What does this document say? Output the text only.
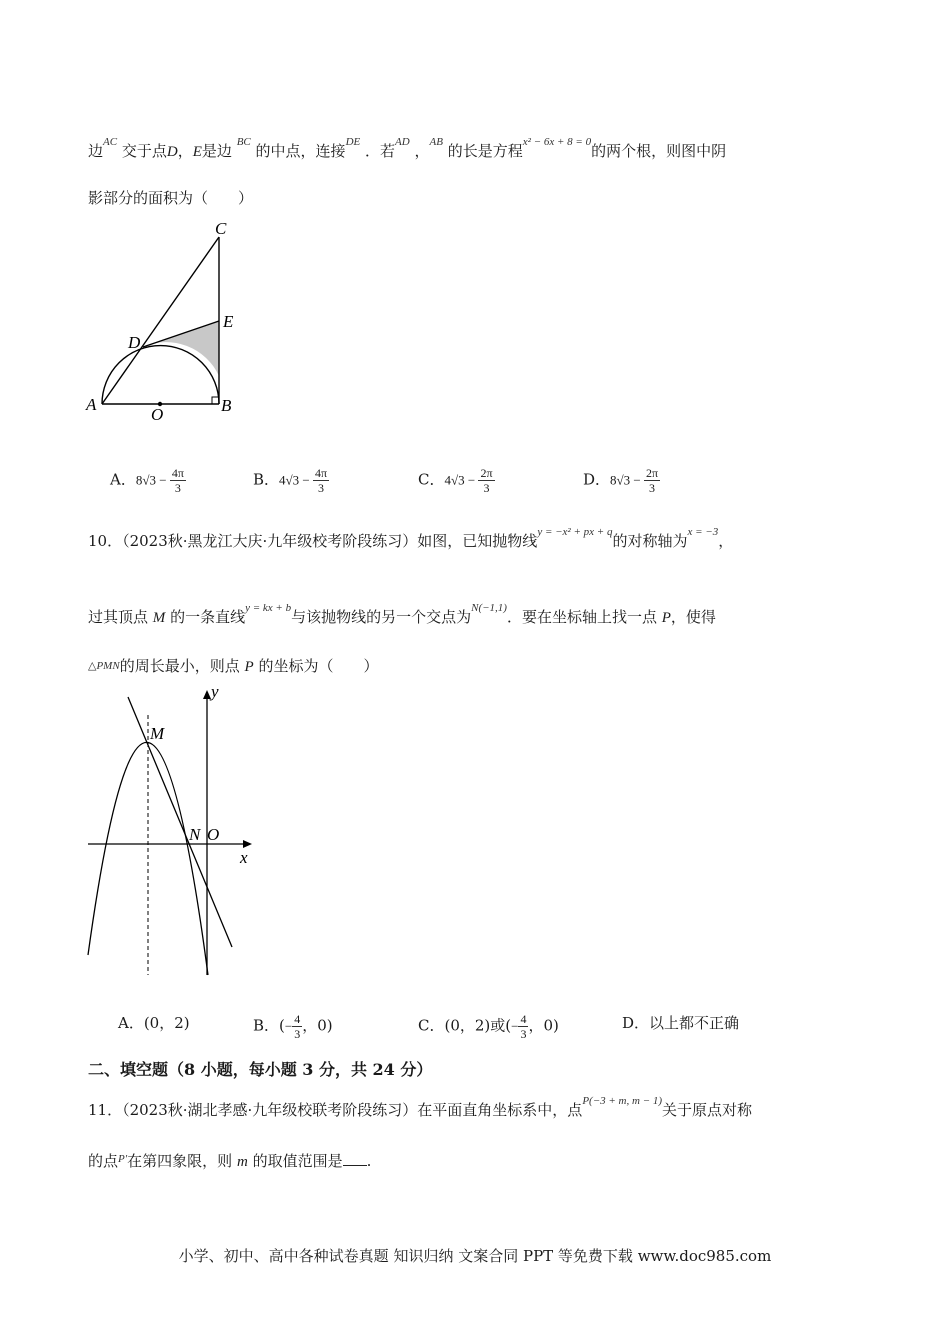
边$^{AC}$ 交于点D，E是边 $^{BC}$ 的中点，连接$^{DE}$ ．若$^{AD}$ ，$^{AB}$ 的长是方程$^{x^2 - 6x + 8 = 0}$的两个根，则图中阴
影部分的面积为（　　）
C
E
D
A	B
O
A．$8√3 - \frac{4\pi}{3}$	B．$4√3 - \frac{4\pi}{3}$	C．$4√3 - \frac{2\pi}{3}$	D．$8√3 - \frac{2\pi}{3}$
10．（2023秋·黑龙江大庆·九年级校考阶段练习）如图，已知抛物线$^{y = -x^2 + px + q}$的对称轴为$^{x = -3}$，
过其顶点 M 的一条直线$^{y = kx + b}$与该抛物线的另一个交点为$^{N(-1,1)}$．要在坐标轴上找一点 P，使得
△PMN的周长最小，则点 P 的坐标为（　　）
y
M
N O
x
A．(0，2)	B．(− $\frac{4}{3}$ ，0)	C．(0，2)或(− $\frac{4}{3}$ ，0)	D．以上都不正确
二、填空题（8 小题，每小题 3 分，共 24 分）
11．（2023秋·湖北孝感·九年级校联考阶段练习）在平面直角坐标系中，点$^{P(-3 + m, m - 1)}$关于原点对称
的点$^{P'}$在第四象限，则 m 的取值范围是 .
小学、初中、高中各种试卷真题 知识归纳 文案合同 PPT 等免费下载 www.doc985.com
